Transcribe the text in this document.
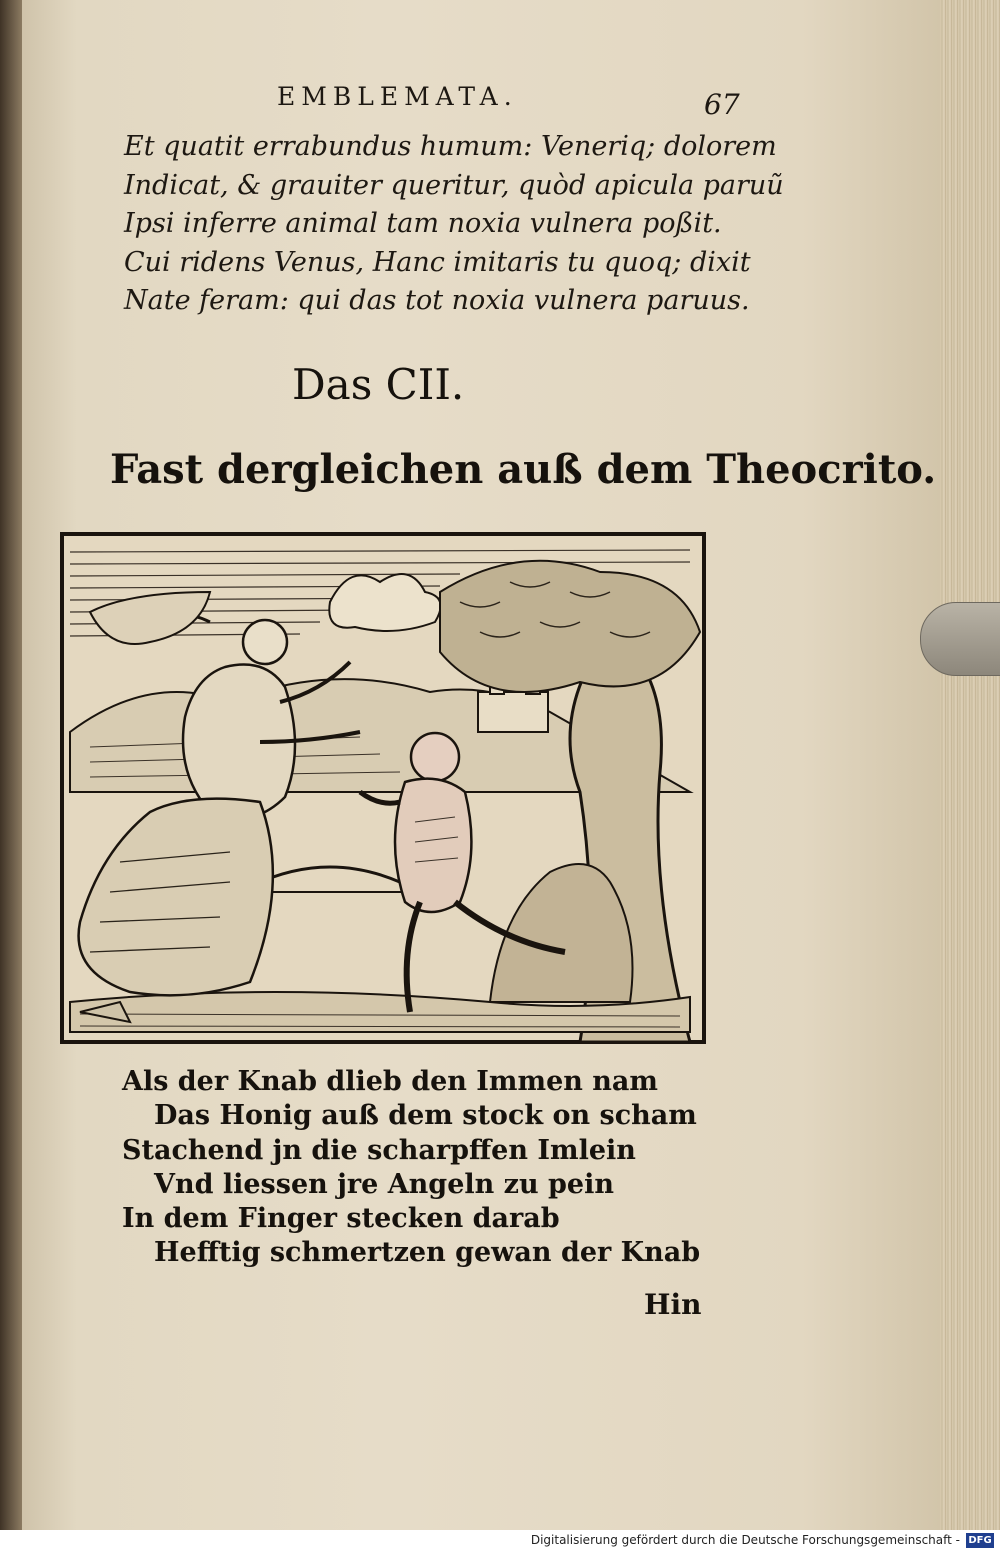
EMBLEMATA.	67
Et quatit errabundus humum: Veneriq; dolorem
Indicat, & grauiter queritur, quòd apicula paruũ
Ipsi inferre animal tam noxia vulnera poßit.
Cui ridens Venus, Hanc imitaris tu quoq; dixit
Nate feram: qui das tot noxia vulnera paruus.
Das CII.
Fast dergleichen auß dem Theocrito.
Als der Knab dlieb den Immen nam
Das Honig auß dem stock on scham
Stachend jn die scharpffen Imlein
Vnd liessen jre Angeln zu pein
In dem Finger stecken darab
Hefftig schmertzen gewan der Knab
Hin
Digitalisierung gefördert durch die Deutsche Forschungsgemeinschaft - DFG
